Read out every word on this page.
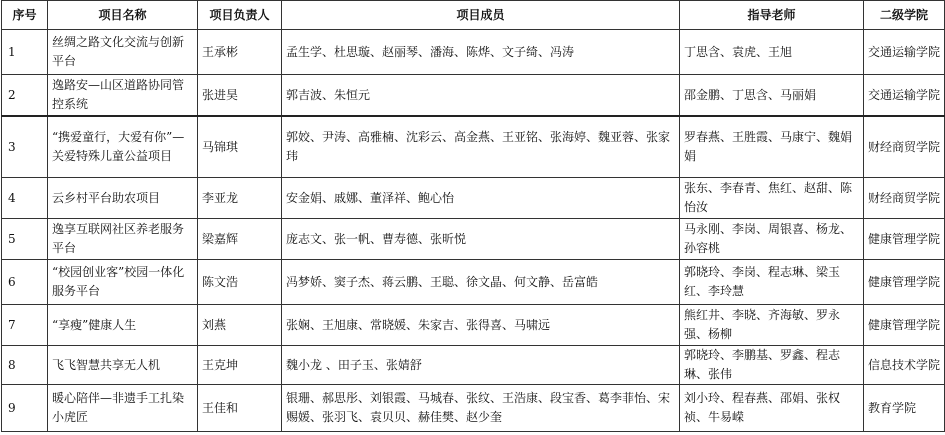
序号	项目名称	项目负责人	项目成员	指导老师	二级学院
1	丝绸之路文化交流与创新平台	王承彬	孟生学、杜思璇、赵丽琴、潘海、陈烨、文子绮、冯涛	丁思含、袁虎、王旭	交通运输学院
2	逸路安—山区道路协同管控系统	张进昊	郭吉波、朱恒元	邵金鹏、丁思含、马丽娟	交通运输学院
3	“携爱童行，大爱有你”—关爱特殊儿童公益项目	马锦琪	郭姣、尹涛、高雅楠、沈彩云、高金燕、王亚铭、张海婷、魏亚蓉、张家玮	罗春燕、王胜霞、马康宁、魏娟娟	财经商贸学院
4	云乡村平台助农项目	李亚龙	安金娟、戚娜、董泽祥、鲍心怡	张东、李春青、焦红、赵甜、陈怡汝	财经商贸学院
5	逸享互联网社区养老服务平台	梁嘉辉	庞志文、张一帆、曹寿德、张昕悦	马永刚、李岗、周银喜、杨龙、孙容桃	健康管理学院
6	“校园创业客”校园一体化服务平台	陈文浩	冯梦娇、窦子杰、蒋云鹏、王聪、徐文晶、何文静、岳富皓	郭晓玲、李岗、程志琳、梁玉红、李玲慧	健康管理学院
7	“享瘦”健康人生	刘燕	张娴、王旭康、常晓媛、朱家吉、张得喜、马啸远	熊红井、李晓、齐海敏、罗永强、杨柳	健康管理学院
8	飞飞智慧共享无人机	王克坤	魏小龙 、田子玉、张婧舒	郭晓玲、李鹏基、罗鑫、程志琳、张伟	信息技术学院
9	暖心陪伴—非遗手工扎染小虎匠	王佳和	银珊、郝思彤、刘银霞、马城春、张纹、王浩康、段宝香、葛李菲怡、宋赐媛、张羽飞、袁贝贝、赫佳樊、赵少奎	刘小玲、程春燕、邵娟、张权祯、牛易嵘	教育学院
